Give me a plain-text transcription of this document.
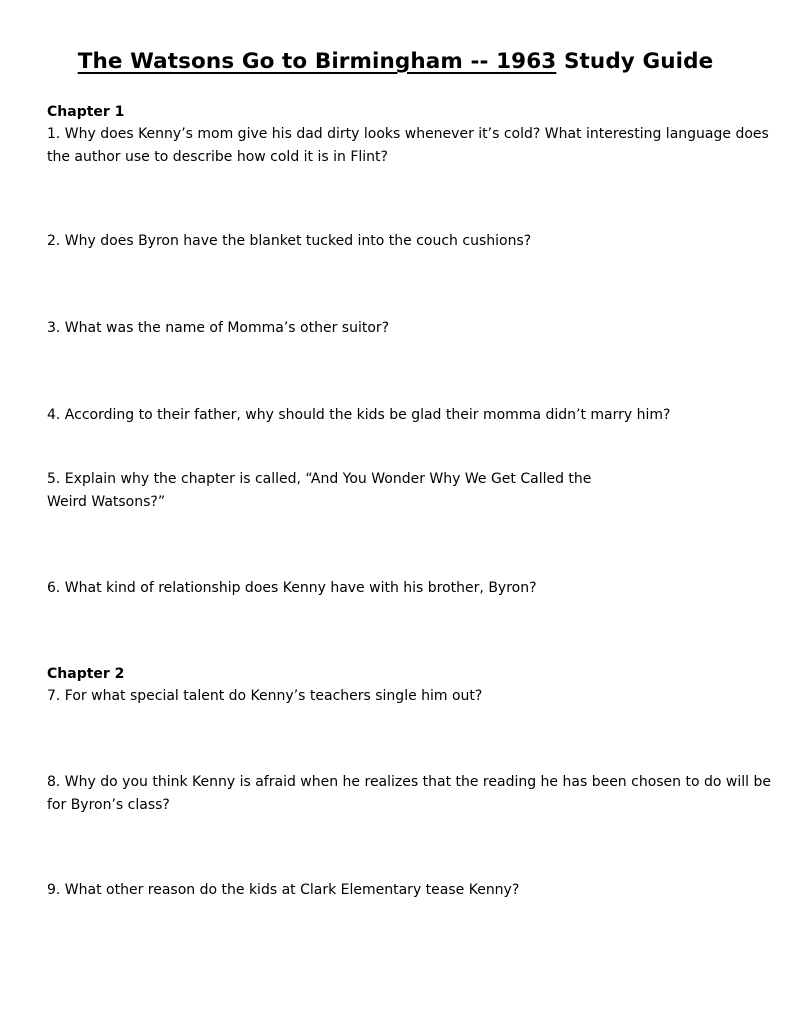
The Watsons Go to Birmingham -- 1963 Study Guide
Chapter 1
1. Why does Kenny’s mom give his dad dirty looks whenever it’s cold? What interesting language does the author use to describe how cold it is in Flint?
2. Why does Byron have the blanket tucked into the couch cushions?
3. What was the name of Momma’s other suitor?
4. According to their father, why should the kids be glad their momma didn’t marry him?
5. Explain why the chapter is called, “And You Wonder Why We Get Called the
Weird Watsons?”
6. What kind of relationship does Kenny have with his brother, Byron?
Chapter 2
7. For what special talent do Kenny’s teachers single him out?
8. Why do you think Kenny is afraid when he realizes that the reading he has been chosen to do will be for Byron’s class?
9. What other reason do the kids at Clark Elementary tease Kenny?
